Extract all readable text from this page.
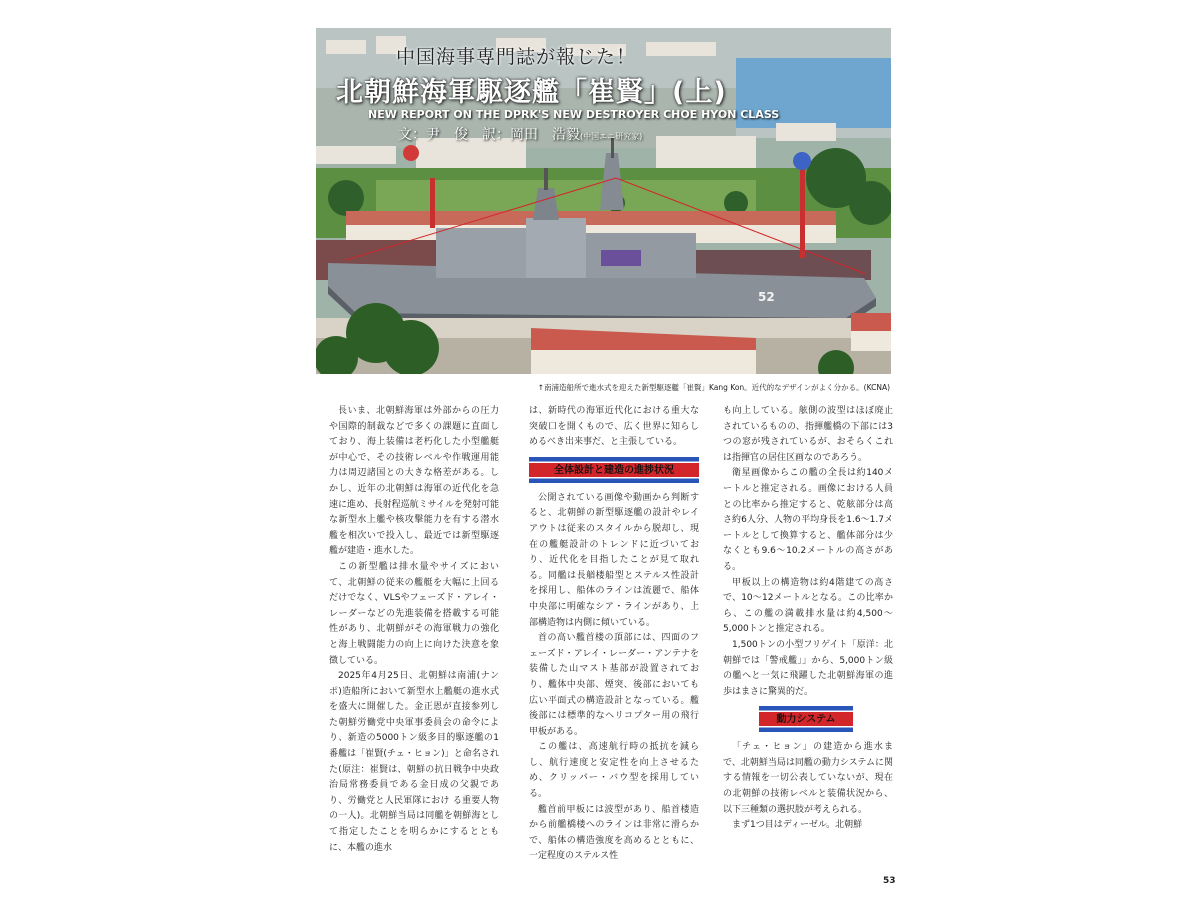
52
中国海事専門誌が報じた！
北朝鮮海軍駆逐艦「崔賢」(上)
NEW REPORT ON THE DPRK'S NEW DESTROYER CHOE HYON CLASS
文：尹　俊　訳：岡田　浩毅(中国エニ研究家)
↑南浦造船所で進水式を迎えた新型駆逐艦「崔賢」Kang Kon。近代的なデザインがよく分かる。(KCNA)

長いま、北朝鮮海軍は外部からの圧力や国際的制裁などで多くの課題に直面しており、海上装備は老朽化した小型艦艇が中心で、その技術レベルや作戦運用能力は周辺諸国との大きな格差がある。しかし、近年の北朝鮮は海軍の近代化を急速に進め、長射程巡航ミサイルを発射可能な新型水上艦や核攻撃能力を有する潜水艦を相次いで投入し、最近では新型駆逐艦が建造・進水した。

この新型艦は排水量やサイズにおいて、北朝鮮の従来の艦艇を大幅に上回るだけでなく、VLSやフェーズド・アレイ・レーダーなどの先進装備を搭載する可能性があり、北朝鮮がその海軍戦力の強化と海上戦闘能力の向上に向けた決意を象徴している。

2025年4月25日、北朝鮮は南浦(ナンポ)造船所において新型水上艦艇の進水式を盛大に開催した。金正恩が直接参列した朝鮮労働党中央軍事委員会の命令により、新造の5000トン級多目的駆逐艦の1番艦は「崔賢(チェ・ヒョン)」と命名された(原注：崔賢は、朝鮮の抗日戦争中央政治局常務委員である金日成の父親であり、労働党と人民軍隊におけ る重要人物の一人)。北朝鮮当局は同艦を朝鮮海として指定したことを明らかにするとともに、本艦の進水

は、新時代の海軍近代化における重大な突破口を開くもので、広く世界に知らしめるべき出来事だ、と主張している。

全体設計と建造の進捗状況

公開されている画像や動画から判断すると、北朝鮮の新型駆逐艦の設計やレイアウトは従来のスタイルから脱却し、現在の艦艇設計のトレンドに近づいており、近代化を目指したことが見て取れる。同艦は長艏楼船型とステルス性設計を採用し、船体のラインは流麗で、船体中央部に明確なシア・ラインがあり、上部構造物は内側に傾いている。

首の高い艦首楼の頂部には、四面のフェーズド・アレイ・レーダー・アンテナを装備した山マスト基部が設置されており、艦体中央部、煙突、後部においても広い平面式の構造設計となっている。艦後部には標準的なヘリコプター用の飛行甲板がある。

この艦は、高速航行時の抵抗を減らし、航行速度と安定性を向上させるため、クリッパー・バウ型を採用している。

艦首前甲板には波型があり、船首楼造から前艦橋楼へのラインは非常に滑らかで、船体の構造強度を高めるとともに、一定程度のステルス性

も向上している。舷側の波型はほぼ廃止されているものの、指揮艦橋の下部には3つの窓が残されているが、おそらくこれは指揮官の居住区画なのであろう。

衛星画像からこの艦の全長は約140メートルと推定される。画像における人員との比率から推定すると、乾舷部分は高さ約6人分、人物の平均身長を1.6～1.7メートルとして換算すると、艦体部分は少なくとも9.6～10.2メートルの高さがある。

甲板以上の構造物は約4階建ての高さで、10～12メートルとなる。この比率から、この艦の満載排水量は約4,500～5,000トンと推定される。

1,500トンの小型フリゲイト「原洋：北朝鮮では「警戒艦」」から、5,000トン級の艦へと一気に飛躍した北朝鮮海軍の進歩はまさに驚異的だ。

動力システム

「チェ・ヒョン」の建造から進水まで、北朝鮮当局は同艦の動力システムに関する情報を一切公表していないが、現在の北朝鮮の技術レベルと装備状況から、以下三種類の選択肢が考えられる。

まず1つ目はディーゼル。北朝鮮

53
